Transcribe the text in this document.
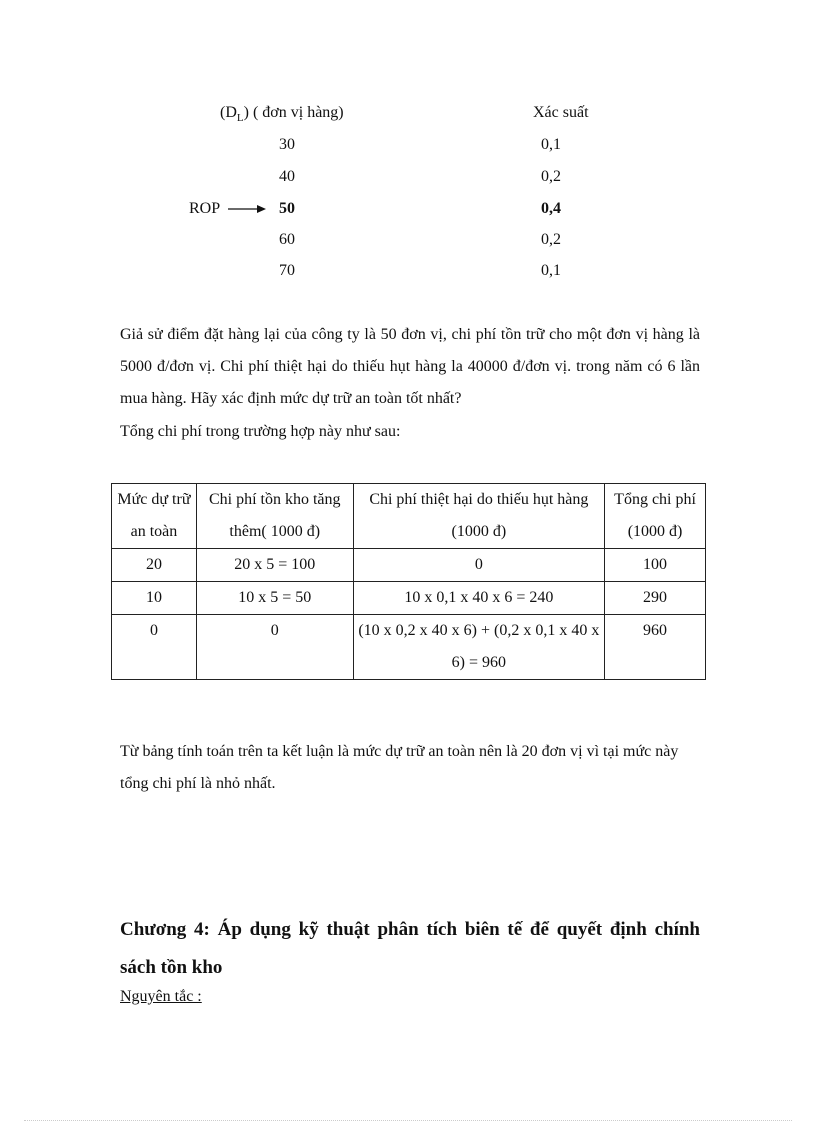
$(D_L)$ ( đơn vị hàng)	Xác suất
30	0,1
40	0,2
ROP	50	0,4
60	0,2
70	0,1

Giả sử điểm đặt hàng lại của công ty là 50 đơn vị, chi phí tồn trữ cho một đơn vị hàng là 5000 đ/đơn vị. Chi phí thiệt hại do thiếu hụt hàng la 40000 đ/đơn vị. trong năm có 6 lần mua hàng. Hãy xác định mức dự trữ an toàn tốt nhất?

Tổng chi phí trong trường hợp này như sau:

Mức dự trữ an toàn	Chi phí tồn kho tăng thêm( 1000 đ)	Chi phí thiệt hại do thiếu hụt hàng (1000 đ)	Tổng chi phí (1000 đ)
20	20 x 5 = 100	0	100
10	10 x 5 = 50	10 x 0,1 x 40 x 6 = 240	290
0	0	(10 x 0,2 x 40 x 6) + (0,2 x 0,1 x 40 x 6) = 960	960

Từ bảng tính toán trên ta kết luận là mức dự trữ an toàn nên là 20 đơn vị vì tại mức này tổng chi phí là nhỏ nhất.

Chương 4: Áp dụng kỹ thuật phân tích biên tế để quyết định chính
sách tồn kho
Nguyên tắc :
